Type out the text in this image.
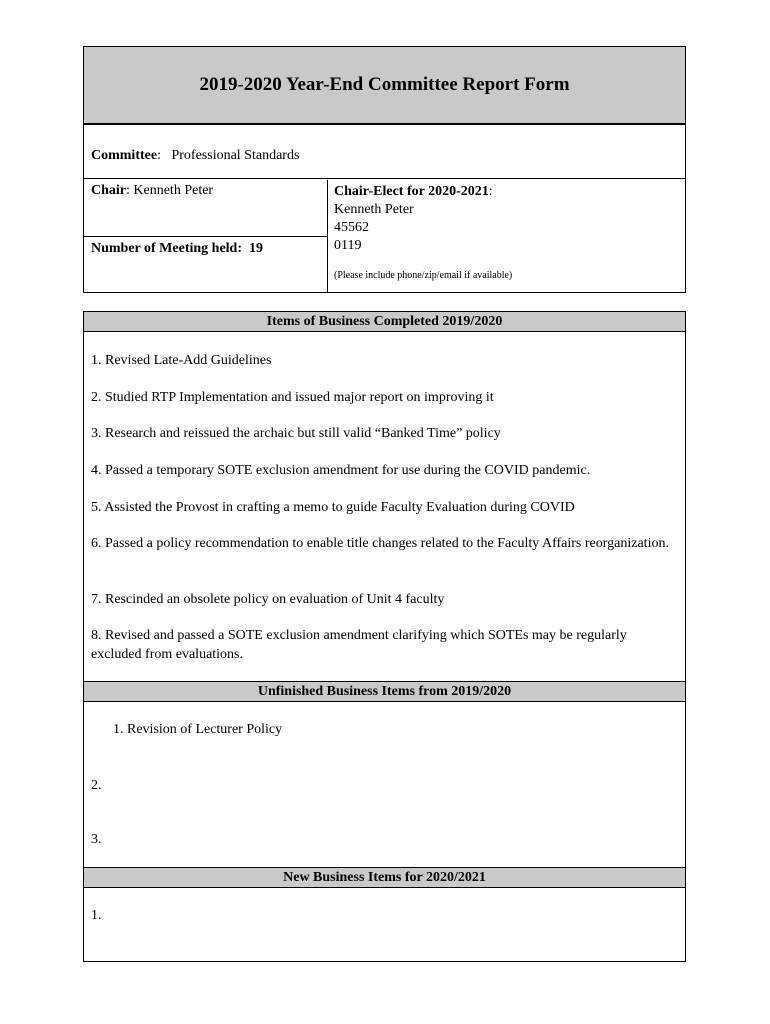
2019-2020 Year-End Committee Report Form
Committee:   Professional Standards
Chair: Kenneth Peter
Number of Meeting held: 19
Chair-Elect for 2020-2021:
Kenneth Peter
45562
0119
(Please include phone/zip/email if available)
Items of Business Completed 2019/2020
1. Revised Late-Add Guidelines
2. Studied RTP Implementation and issued major report on improving it
3. Research and reissued the archaic but still valid “Banked Time” policy
4. Passed a temporary SOTE exclusion amendment for use during the COVID pandemic.
5. Assisted the Provost in crafting a memo to guide Faculty Evaluation during COVID
6. Passed a policy recommendation to enable title changes related to the Faculty Affairs reorganization.
7. Rescinded an obsolete policy on evaluation of Unit 4 faculty
8. Revised and passed a SOTE exclusion amendment clarifying which SOTEs may be regularly excluded from evaluations.
Unfinished Business Items from 2019/2020
1. Revision of Lecturer Policy
2.
3.
New Business Items for 2020/2021
1.
